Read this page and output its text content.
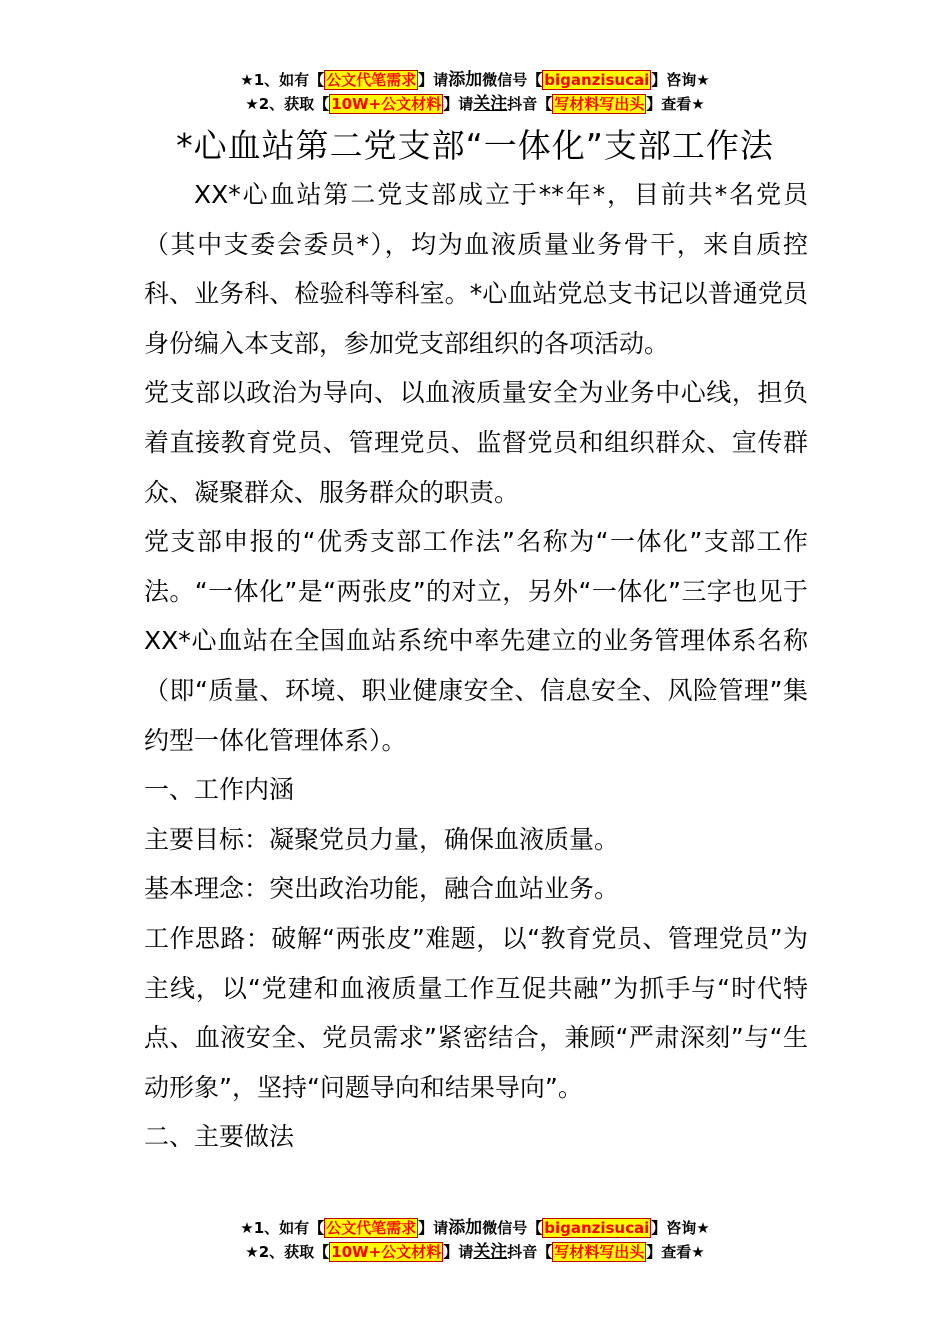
★1、如有【 公文代笔需求 】请添加微信号【 biganzisucai 】咨询★
★2、获取【 10W+公文材料 】请关注抖音【 写材料写出头 】查看★
*心血站第二党支部“一体化”支部工作法

XX*心血站第二党支部成立于**年*，目前共*名党员（其中支委会委员*），均为血液质量业务骨干，来自质控科、业务科、检验科等科室。*心血站党总支书记以普通党员身份编入本支部，参加党支部组织的各项活动。

党支部以政治为导向、以血液质量安全为业务中心线，担负着直接教育党员、管理党员、监督党员和组织群众、宣传群众、凝聚群众、服务群众的职责。

党支部申报的“优秀支部工作法”名称为“一体化”支部工作法。“一体化”是“两张皮”的对立，另外“一体化”三字也见于XX*心血站在全国血站系统中率先建立的业务管理体系名称（即“质量、环境、职业健康安全、信息安全、风险管理”集约型一体化管理体系）。

一、工作内涵

主要目标：凝聚党员力量，确保血液质量。

基本理念：突出政治功能，融合血站业务。

工作思路：破解“两张皮”难题，以“教育党员、管理党员”为主线，以“党建和血液质量工作互促共融”为抓手与“时代特点、血液安全、党员需求”紧密结合，兼顾“严肃深刻”与“生动形象”，坚持“问题导向和结果导向”。

二、主要做法

★1、如有【 公文代笔需求 】请添加微信号【 biganzisucai 】咨询★
★2、获取【 10W+公文材料 】请关注抖音【 写材料写出头 】查看★
